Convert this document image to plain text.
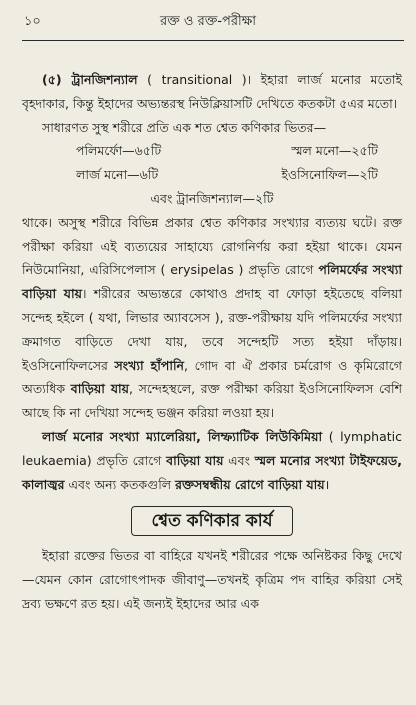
১০	রক্ত ও রক্ত-পরীক্ষা

(৫) ট্রানজিশন্যাল ( transitional )। ইহারা লার্জ মনোর মতোই বৃহদাকার, কিন্তু ইহাদের অভ্যন্তরস্থ নিউক্লিয়াসটি দেখিতে কতকটা ৫এর মতো।

সাধারণত সুস্থ শরীরে প্রতি এক শত শ্বেত কণিকার ভিতর—

পলিমর্ফো—৬৫টি	স্মল মনো—২৫টি
লার্জ মনো—৬টি	ইওসিনোফিল—২টি
এবং ট্রানজিশন্যাল—২টি

থাকে। অসুস্থ শরীরে বিভিন্ন প্রকার শ্বেত কণিকার সংখ্যার ব্যত্যয় ঘটে। রক্ত পরীক্ষা করিয়া এই ব্যত্যয়ের সাহায্যে রোগনির্ণয় করা হইয়া থাকে। যেমন নিউমোনিয়া, এরিসিপেলাস ( erysipelas ) প্রভৃতি রোগে পলিমর্ফের সংখ্যা বাড়িয়া যায়। শরীরের অভ্যন্তরে কোথাও প্রদাহ বা ফোড়া হইতেছে বলিয়া সন্দেহ হইলে ( যথা, লিভার অ্যাবসেস ), রক্ত-পরীক্ষায় যদি পলিমর্ফের সংখ্যা ক্রমাগত বাড়িতে দেখা যায়, তবে সন্দেহটি সত্য হইয়া দাঁড়ায়। ইওসিনোফিলসের সংখ্যা হাঁপানি, গোদ বা ঐ প্রকার চর্মরোগ ও কৃমিরোগে অত্যধিক বাড়িয়া যায়, সন্দেহস্থলে, রক্ত পরীক্ষা করিয়া ইওসিনোফিলস বেশি আছে কি না দেখিয়া সন্দেহ ভঞ্জন করিয়া লওয়া হয়।

লার্জ মনোর সংখ্যা ম্যালেরিয়া, লিম্ফ্যাটিক লিউকিমিয়া ( lymphatic leukaemia) প্রভৃতি রোগে বাড়িয়া যায় এবং স্মল মনোর সংখ্যা টাইফয়েড, কালাজ্বর এবং অন্য কতকগুলি রক্তসম্বন্ধীয় রোগে বাড়িয়া যায়।

শ্বেত কণিকার কার্য

ইহারা রক্তের ভিতর বা বাহিরে যখনই শরীরের পক্ষে অনিষ্টকর কিছু দেখে—যেমন কোন রোগোৎপাদক জীবাণু—তখনই কৃত্রিম পদ বাহির করিয়া সেই দ্রব্য ভক্ষণে রত হয়। এই জন্যই ইহাদের আর এক
